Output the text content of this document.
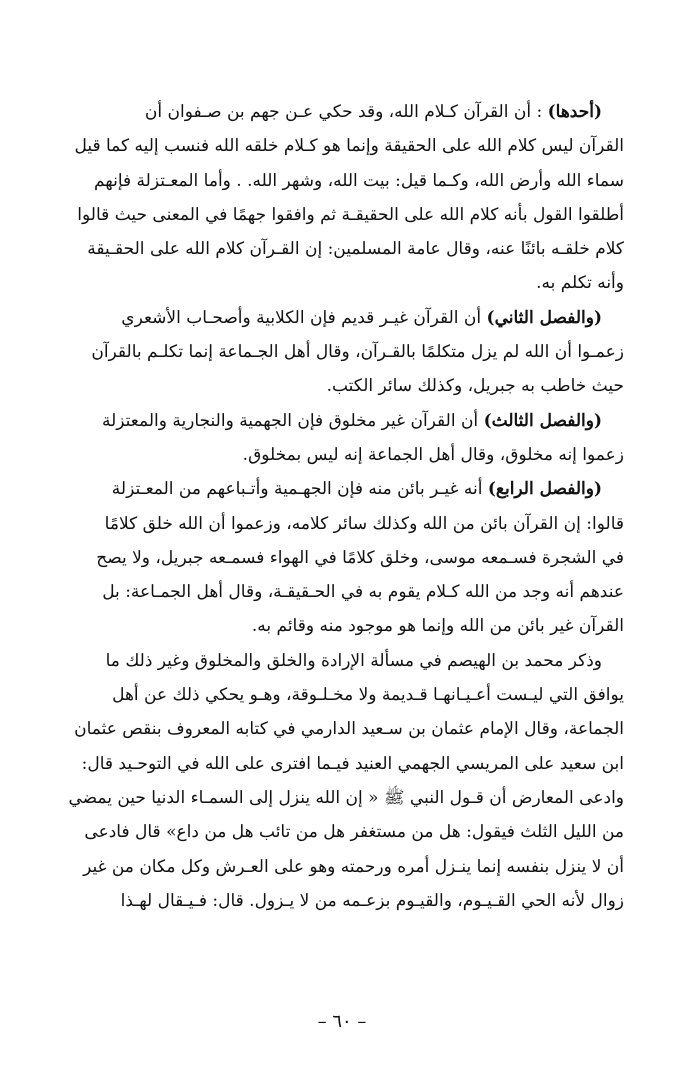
(أحدها) : أن القرآن كـلام الله، وقد حكي عـن جهم بن صـفوان أن
القرآن ليس كلام الله على الحقيقة وإنما هو كـلام خلقه الله فنسب إليه كما قيل
سماء الله وأرض الله، وكـما قيل: بيت الله، وشهر الله. . وأما المعـتزلة فإنهم
أطلقوا القول بأنه كلام الله على الحقيقـة ثم وافقوا جهمًا في المعنى حيث قالوا
كلام خلقـه بائنًا عنه، وقال عامة المسلمين: إن القـرآن كلام الله على الحقـيقة
وأنه تكلم به.
(والفصل الثاني) أن القرآن غيـر قديم فإن الكلابية وأصحـاب الأشعري
زعمـوا أن الله لم يزل متكلمًا بالقـرآن، وقال أهل الجـماعة إنما تكلـم بالقرآن
حيث خاطب به جبريل، وكذلك سائر الكتب.
(والفصل الثالث) أن القرآن غير مخلوق فإن الجهمية والنجارية والمعتزلة
زعموا إنه مخلوق، وقال أهل الجماعة إنه ليس بمخلوق.
(والفصل الرابع) أنه غيـر بائن منه فإن الجهـمية وأتـباعهم من المعـتزلة
قالوا: إن القرآن بائن من الله وكذلك سائر كلامه، وزعموا أن الله خلق كلامًا
في الشجرة فسـمعه موسى، وخلق كلامًا في الهواء فسمـعه جبريل، ولا يصح
عندهم أنه وجد من الله كـلام يقوم به في الحـقيقـة، وقال أهل الجمـاعة: بل
القرآن غير بائن من الله وإنما هو موجود منه وقائم به.
وذكر محمد بن الهيصم في مسألة الإرادة والخلق والمخلوق وغير ذلك ما
يوافق التي ليـست أعـيـانهـا قـديمة ولا مخـلـوقة، وهـو يحكي ذلك عن أهل
الجماعة، وقال الإمام عثمان بن سـعيد الدارمي في كتابه المعروف بنقص عثمان
ابن سعيد على المريسي الجهمي العنيد فيـما افترى على الله في التوحـيد قال:
وادعى المعارض أن قـول النبي ﷺ « إن الله ينزل إلى السمـاء الدنيا حين يمضي
من الليل الثلث فيقول: هل من مستغفر هل من تائب هل من داع» قال فادعى
أن لا ينزل بنفسه إنما ينـزل أمره ورحمته وهو على العـرش وكل مكان من غير
زوال لأنه الحي القـيـوم، والقيـوم بزعـمه من لا يـزول. قال: فـيـقال لهـذا
– ٦٠ –
